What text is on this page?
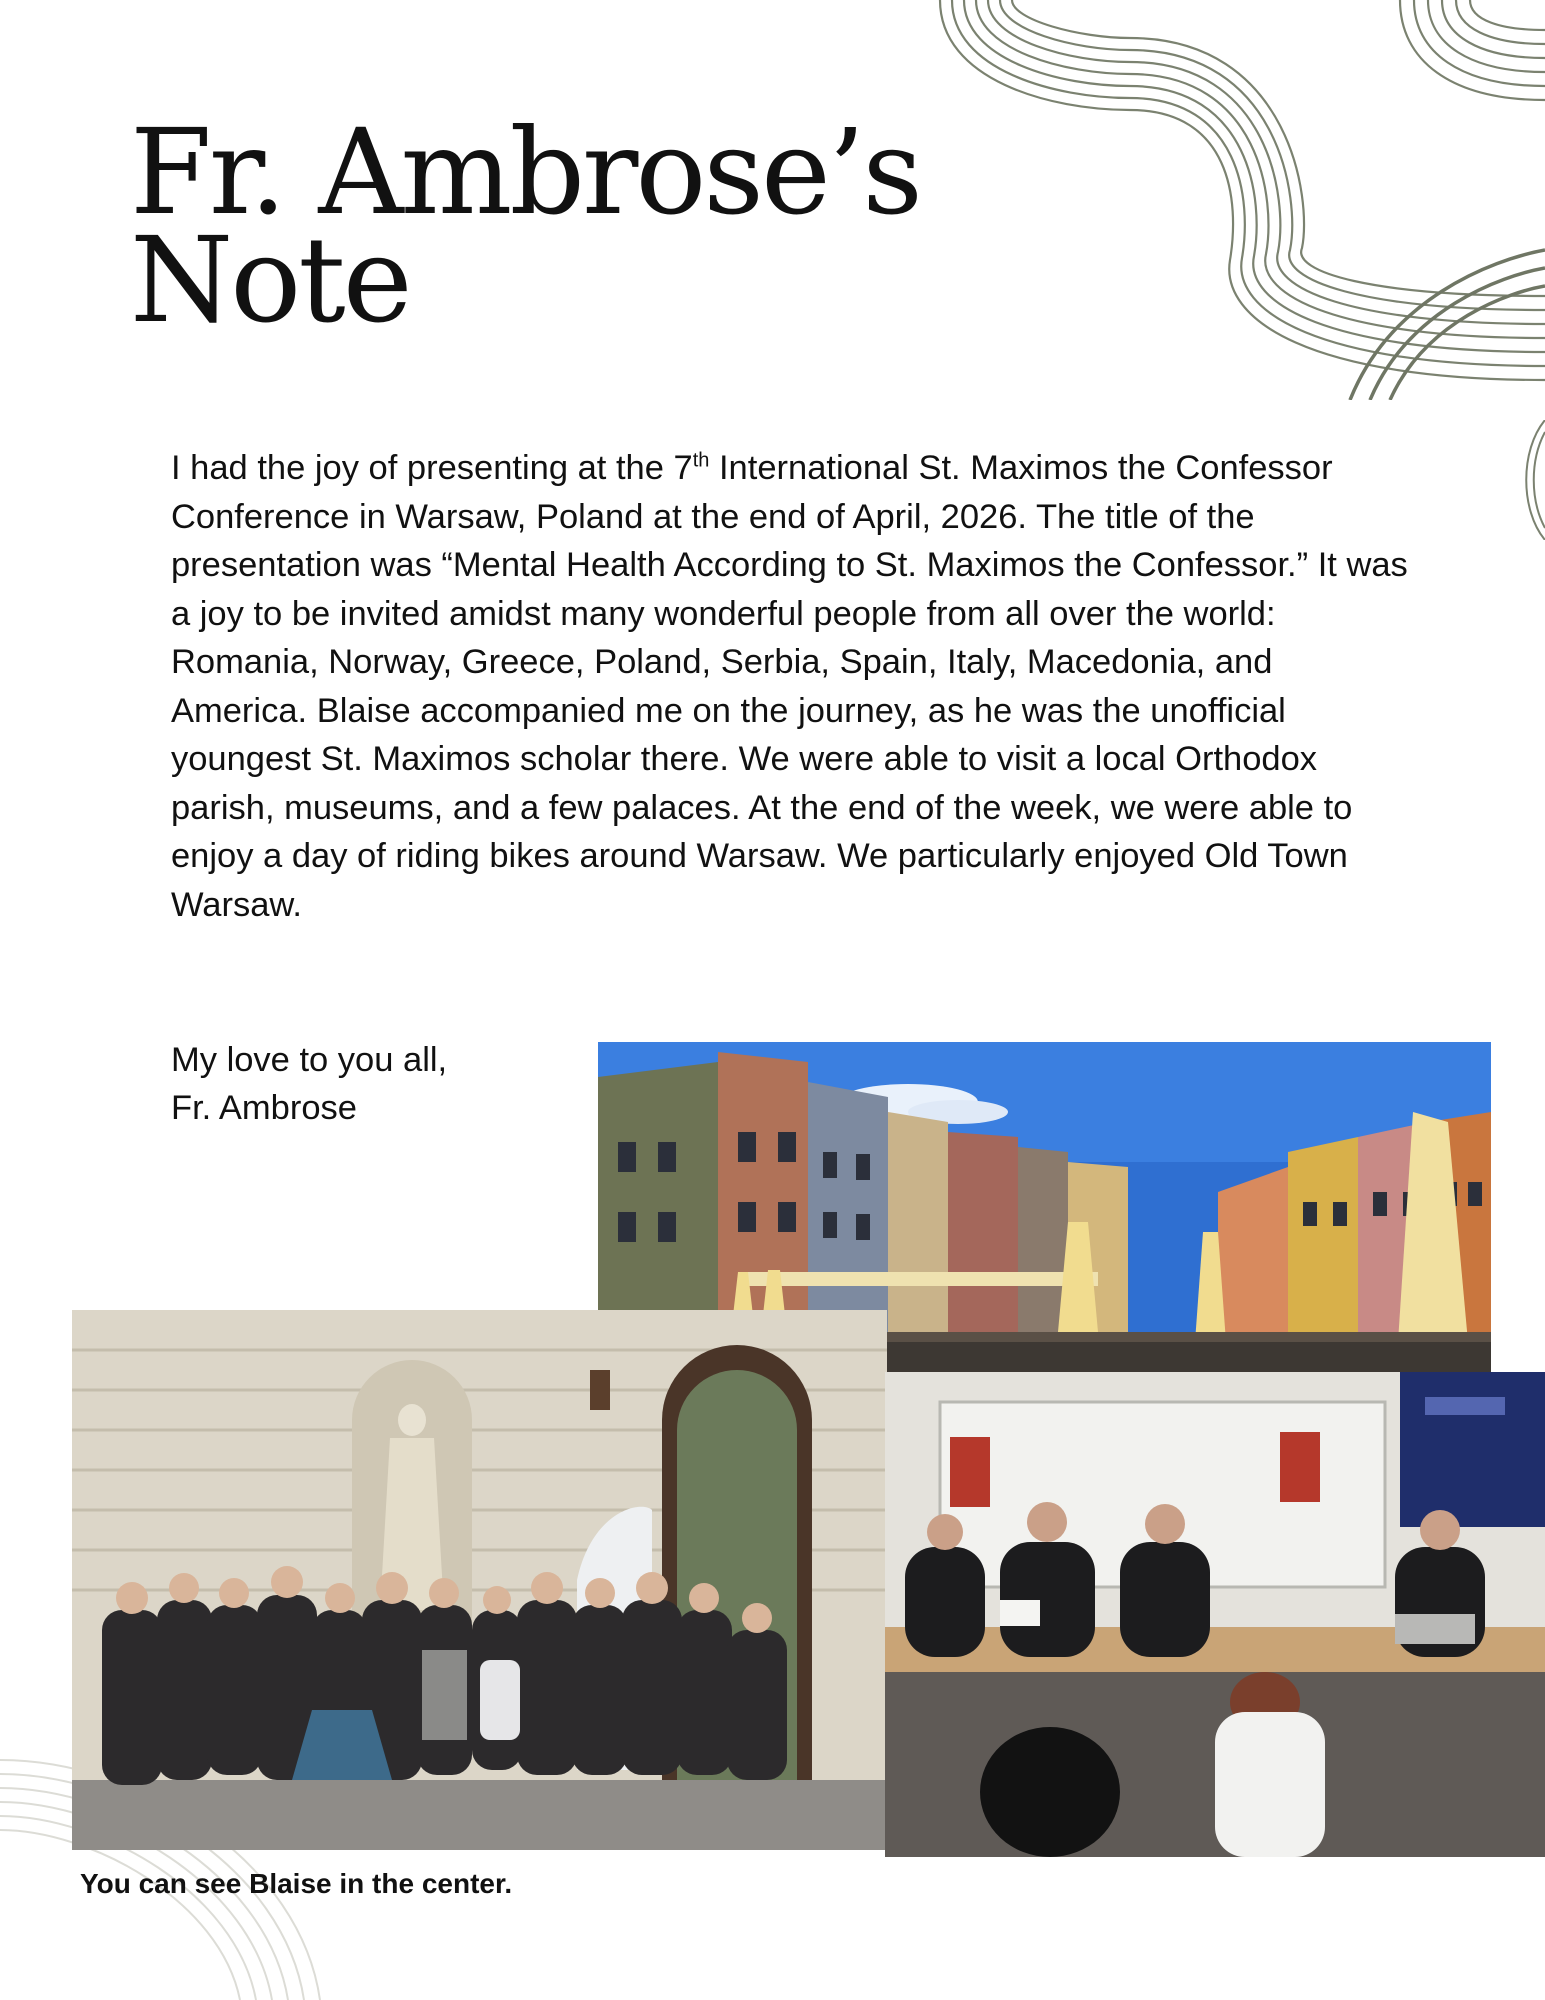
Fr. Ambrose’s
Note

I had the joy of presenting at the 7th International St. Maximos the Confessor Conference in Warsaw, Poland at the end of April, 2026. The title of the presentation was “Mental Health According to St. Maximos the Confessor.” It was a joy to be invited amidst many wonderful people from all over the world: Romania, Norway, Greece, Poland, Serbia, Spain, Italy, Macedonia, and America. Blaise accompanied me on the journey, as he was the unofficial youngest St. Maximos scholar there. We were able to visit a local Orthodox parish, museums, and a few palaces. At the end of the week, we were able to enjoy a day of riding bikes around Warsaw. We particularly enjoyed Old Town Warsaw.

My love to you all,
Fr. Ambrose

You can see Blaise in the center.
